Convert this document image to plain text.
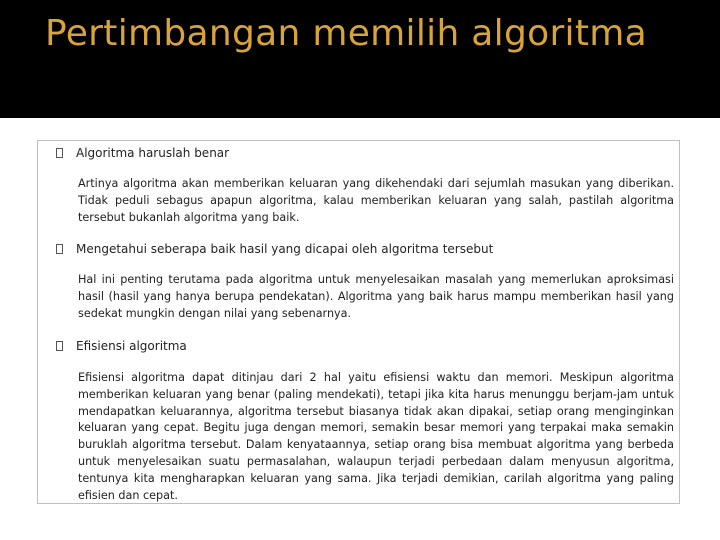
Pertimbangan memilih algoritma
Algoritma haruslah benar
Artinya algoritma akan memberikan keluaran yang dikehendaki dari sejumlah masukan yang diberikan. Tidak peduli sebagus apapun algoritma, kalau memberikan keluaran yang salah, pastilah algoritma tersebut bukanlah algoritma yang baik.
Mengetahui seberapa baik hasil yang dicapai oleh algoritma tersebut
Hal ini penting terutama pada algoritma untuk menyelesaikan masalah yang memerlukan aproksimasi hasil (hasil yang hanya berupa pendekatan). Algoritma yang baik harus mampu memberikan hasil yang sedekat mungkin dengan nilai yang sebenarnya.
Efisiensi algoritma
Efisiensi algoritma dapat ditinjau dari 2 hal yaitu efisiensi waktu dan memori. Meskipun algoritma memberikan keluaran yang benar (paling mendekati), tetapi jika kita harus menunggu berjam-jam untuk mendapatkan keluarannya, algoritma tersebut biasanya tidak akan dipakai, setiap orang menginginkan keluaran yang cepat. Begitu juga dengan memori, semakin besar memori yang terpakai maka semakin buruklah algoritma tersebut. Dalam kenyataannya, setiap orang bisa membuat algoritma yang berbeda untuk menyelesaikan suatu permasalahan, walaupun terjadi perbedaan dalam menyusun algoritma, tentunya kita mengharapkan keluaran yang sama. Jika terjadi demikian, carilah algoritma yang paling efisien dan cepat.
